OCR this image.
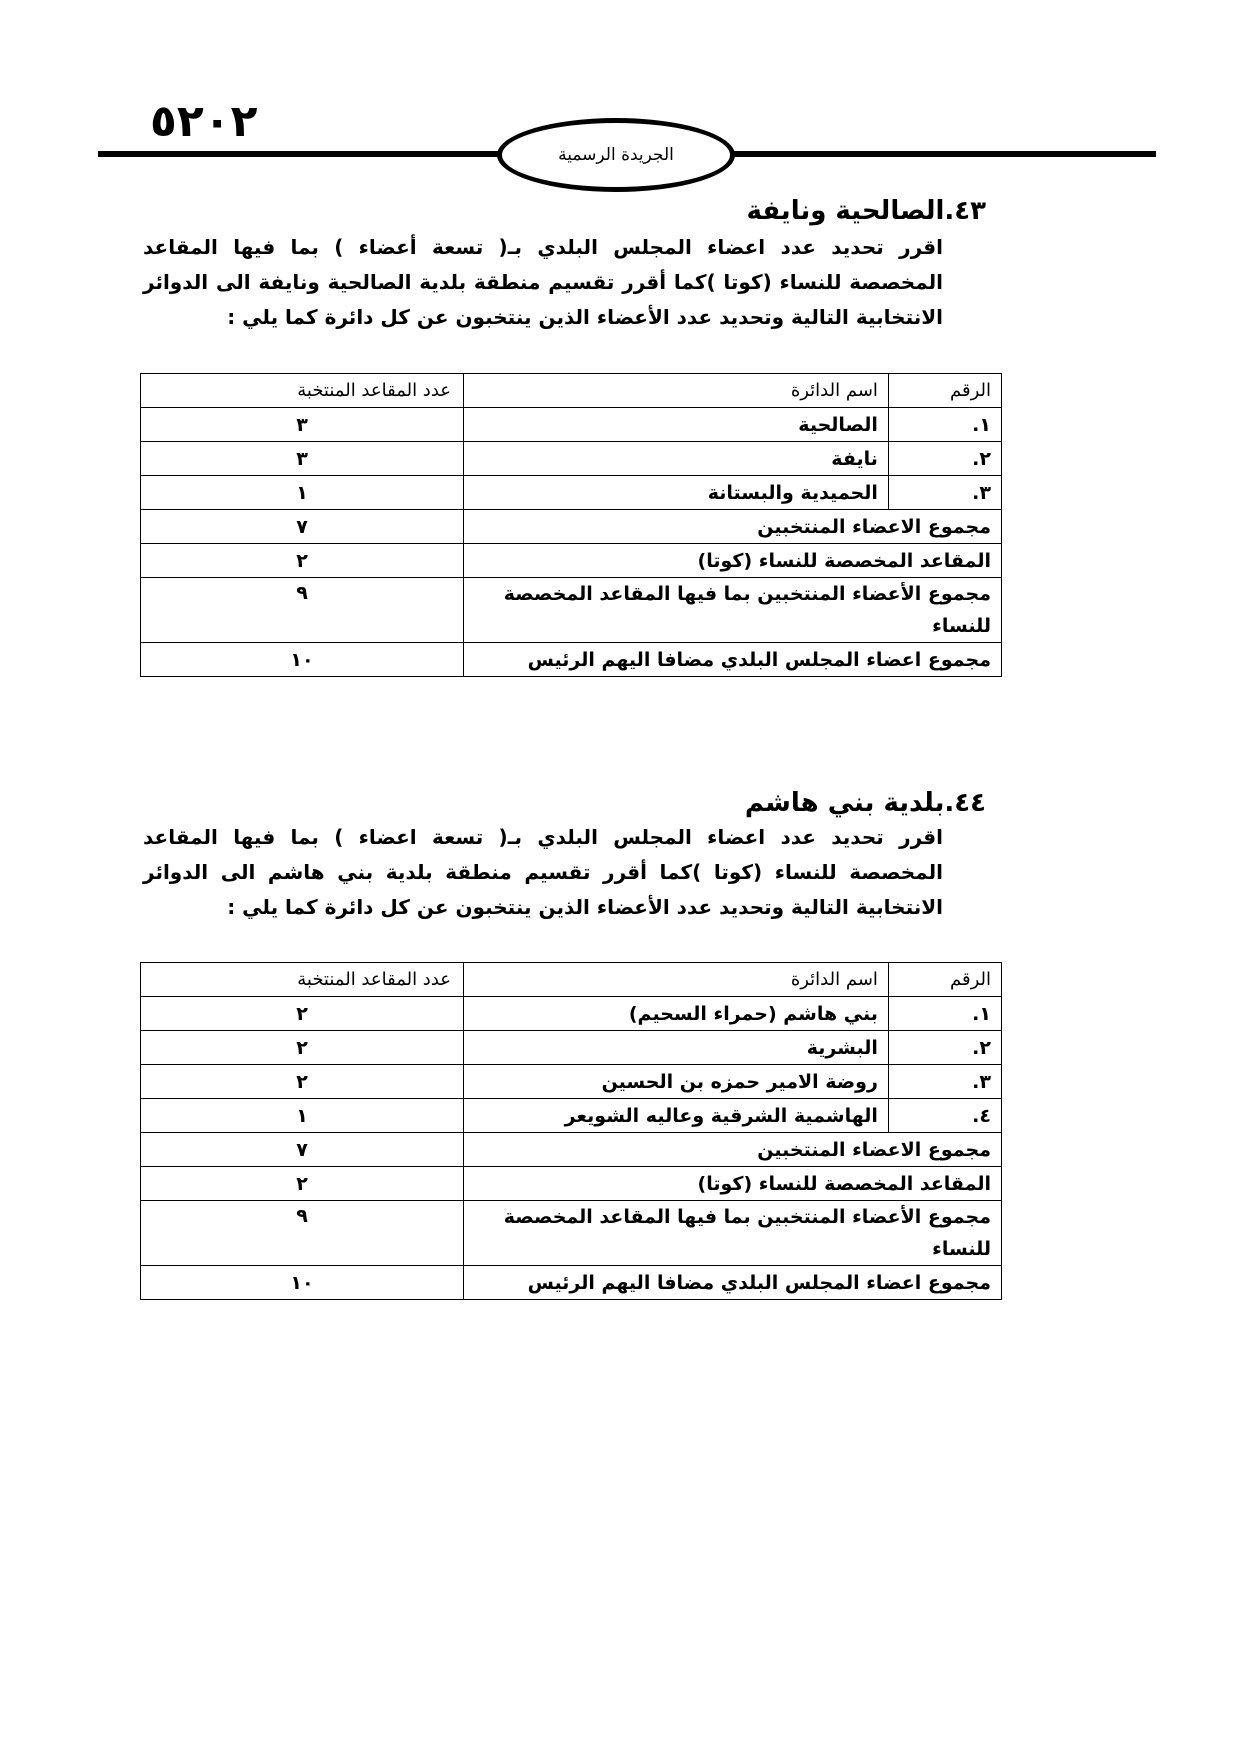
٥٢٠٢
الجريدة الرسمية
٤٣.الصالحية ونايفة
اقرر تحديد عدد اعضاء المجلس البلدي بـ( تسعة أعضاء ) بما فيها المقاعد المخصصة للنساء (كوتا )كما أقرر تقسيم منطقة بلدية الصالحية ونايفة الى الدوائر الانتخابية التالية وتحديد عدد الأعضاء الذين ينتخبون عن كل دائرة كما يلي :
الرقم	اسم الدائرة	عدد المقاعد المنتخبة
١.	الصالحية	٣
٢.	نايفة	٣
٣.	الحميدية والبستانة	١
مجموع الاعضاء المنتخبين		٧
المقاعد المخصصة للنساء (كوتا)		٢
مجموع الأعضاء المنتخبين بما فيها المقاعد المخصصة للنساء		٩
مجموع اعضاء المجلس البلدي مضافا اليهم الرئيس		١٠
٤٤.بلدية بني هاشم
اقرر تحديد عدد اعضاء المجلس البلدي بـ( تسعة اعضاء ) بما فيها المقاعد المخصصة للنساء (كوتا )كما أقرر تقسيم منطقة بلدية بني هاشم الى الدوائر الانتخابية التالية وتحديد عدد الأعضاء الذين ينتخبون عن كل دائرة كما يلي :
الرقم	اسم الدائرة	عدد المقاعد المنتخبة
١.	بني هاشم (حمراء السحيم)	٢
٢.	البشرية	٢
٣.	روضة الامير حمزه بن الحسين	٢
٤.	الهاشمية الشرقية وعاليه الشويعر	١
مجموع الاعضاء المنتخبين		٧
المقاعد المخصصة للنساء (كوتا)		٢
مجموع الأعضاء المنتخبين بما فيها المقاعد المخصصة للنساء		٩
مجموع اعضاء المجلس البلدي مضافا اليهم الرئيس		١٠
